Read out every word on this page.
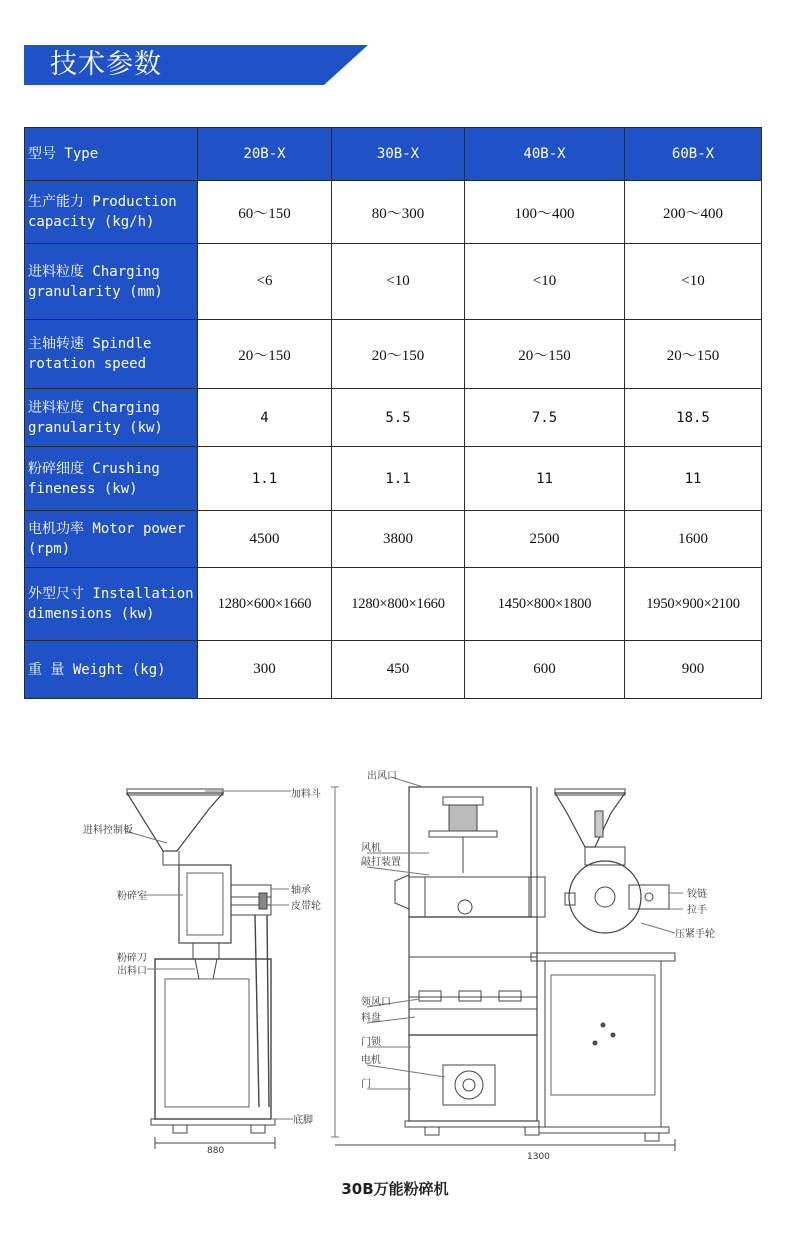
技术参数
型号 Type	20B-X	30B-X	40B-X	60B-X
生产能力 Production capacity (kg/h)	60～150	80～300	100～400	200～400
进料粒度 Charging granularity (mm)	<6	<10	<10	<10
主轴转速 Spindle rotation speed	20～150	20～150	20～150	20～150
进料粒度 Charging granularity (kw)	4	5.5	7.5	18.5
粉碎细度 Crushing fineness (kw)	1.1	1.1	11	11
电机功率 Motor power (rpm)	4500	3800	2500	1600
外型尺寸 Installation dimensions (kw)	1280×600×1660	1280×800×1660	1450×800×1800	1950×900×2100
重 量 Weight (kg)	300	450	600	900
加料斗
进料控制板
粉碎室
轴承
皮带轮
粉碎刀
出料口
底脚
880
出风口
风机
敲打装置
领风口
料盘
门锁
电机
门
1300
铰链
拉手
压紧手轮
30B万能粉碎机
